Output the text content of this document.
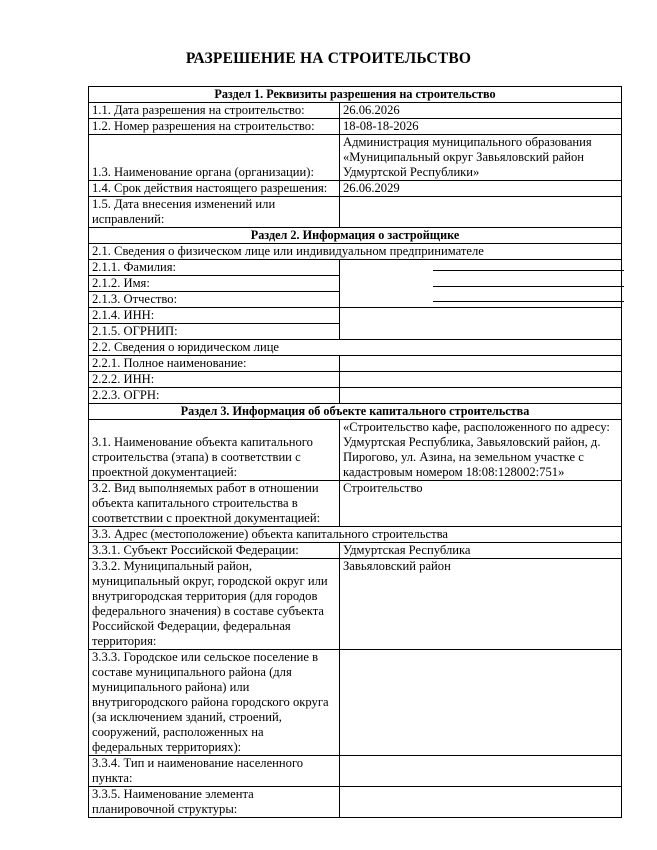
РАЗРЕШЕНИЕ НА СТРОИТЕЛЬСТВО
Раздел 1. Реквизиты разрешения на строительство	
1.1. Дата разрешения на строительство:	26.06.2026
1.2. Номер разрешения на строительство:	18-08-18-2026
1.3. Наименование органа (организации):	Администрация муниципального образования «Муниципальный округ Завьяловский район Удмуртской Республики»
1.4. Срок действия настоящего разрешения:	26.06.2029
1.5. Дата внесения изменений или исправлений:	
Раздел 2. Информация о застройщике	
2.1. Сведения о физическом лице или индивидуальном предпринимателе	
2.1.1. Фамилия:	

2.1.2. Имя:	
2.1.3. Отчество:	
2.1.4. ИНН:	
2.1.5. ОГРНИП:	
2.2. Сведения о юридическом лице	
2.2.1. Полное наименование:	
2.2.2. ИНН:	
2.2.3. ОГРН:	
Раздел 3. Информация об объекте капитального строительства	
3.1. Наименование объекта капитального строительства (этапа) в соответствии с проектной документацией:	«Строительство кафе, расположенного по адресу: Удмуртская Республика, Завьяловский район, д. Пирогово, ул. Азина, на земельном участке с кадастровым номером 18:08:128002:751»
3.2. Вид выполняемых работ в отношении объекта капитального строительства в соответствии с проектной документацией:	Строительство
3.3. Адрес (местоположение) объекта капитального строительства	
3.3.1. Субъект Российской Федерации:	Удмуртская Республика
3.3.2. Муниципальный район, муниципальный округ, городской округ или внутригородская территория (для городов федерального значения) в составе субъекта Российской Федерации, федеральная территория:	Завьяловский район
3.3.3. Городское или сельское поселение в составе муниципального района (для муниципального района) или внутригородского района городского округа (за исключением зданий, строений, сооружений, расположенных на федеральных территориях):	
3.3.4. Тип и наименование населенного пункта:	
3.3.5. Наименование элемента планировочной структуры:	
